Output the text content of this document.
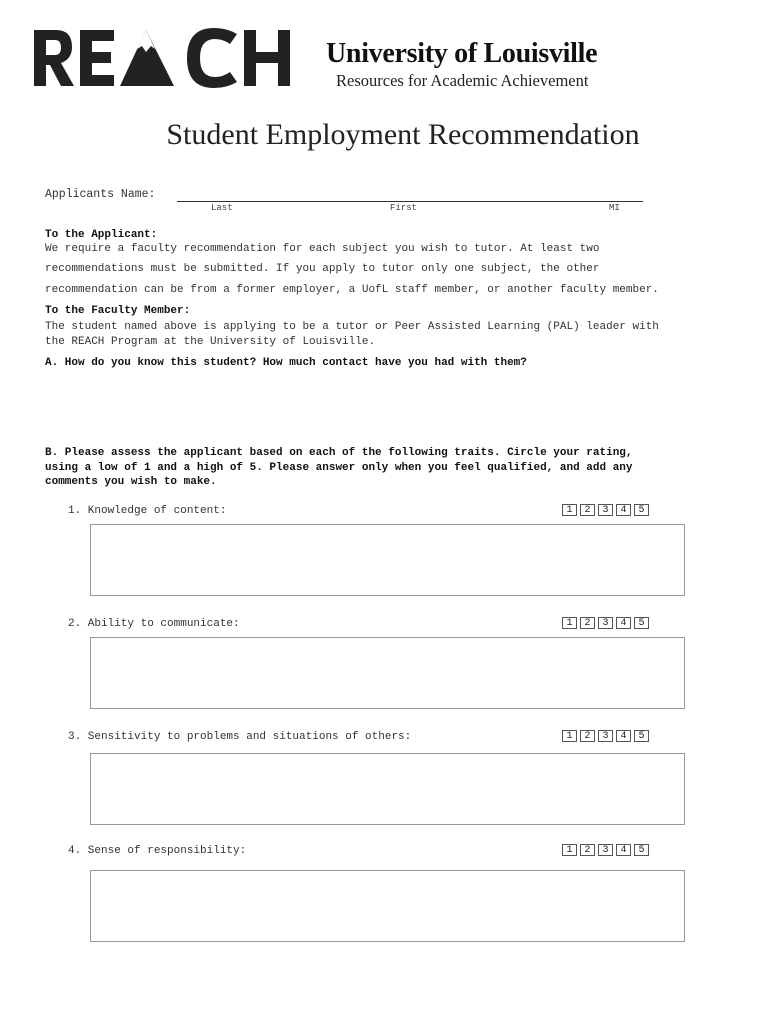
University of Louisville
Resources for Academic Achievement
Student Employment Recommendation
Applicants Name:
Last	First	MI
To the Applicant:
We require a faculty recommendation for each subject you wish to tutor. At least two
recommendations must be submitted. If you apply to tutor only one subject, the other
recommendation can be from a former employer, a UofL staff member, or another faculty member.
To the Faculty Member:
The student named above is applying to be a tutor or Peer Assisted Learning (PAL) leader with
the REACH Program at the University of Louisville.
A. How do you know this student? How much contact have you had with them?
B. Please assess the applicant based on each of the following traits. Circle your rating,
using a low of 1 and a high of 5. Please answer only when you feel qualified, and add any
comments you wish to make.
1. Knowledge of content:	1	2	3	4	5
2. Ability to communicate:	1	2	3	4	5
3. Sensitivity to problems and situations of others:	1	2	3	4	5
4. Sense of responsibility:	1	2	3	4	5
